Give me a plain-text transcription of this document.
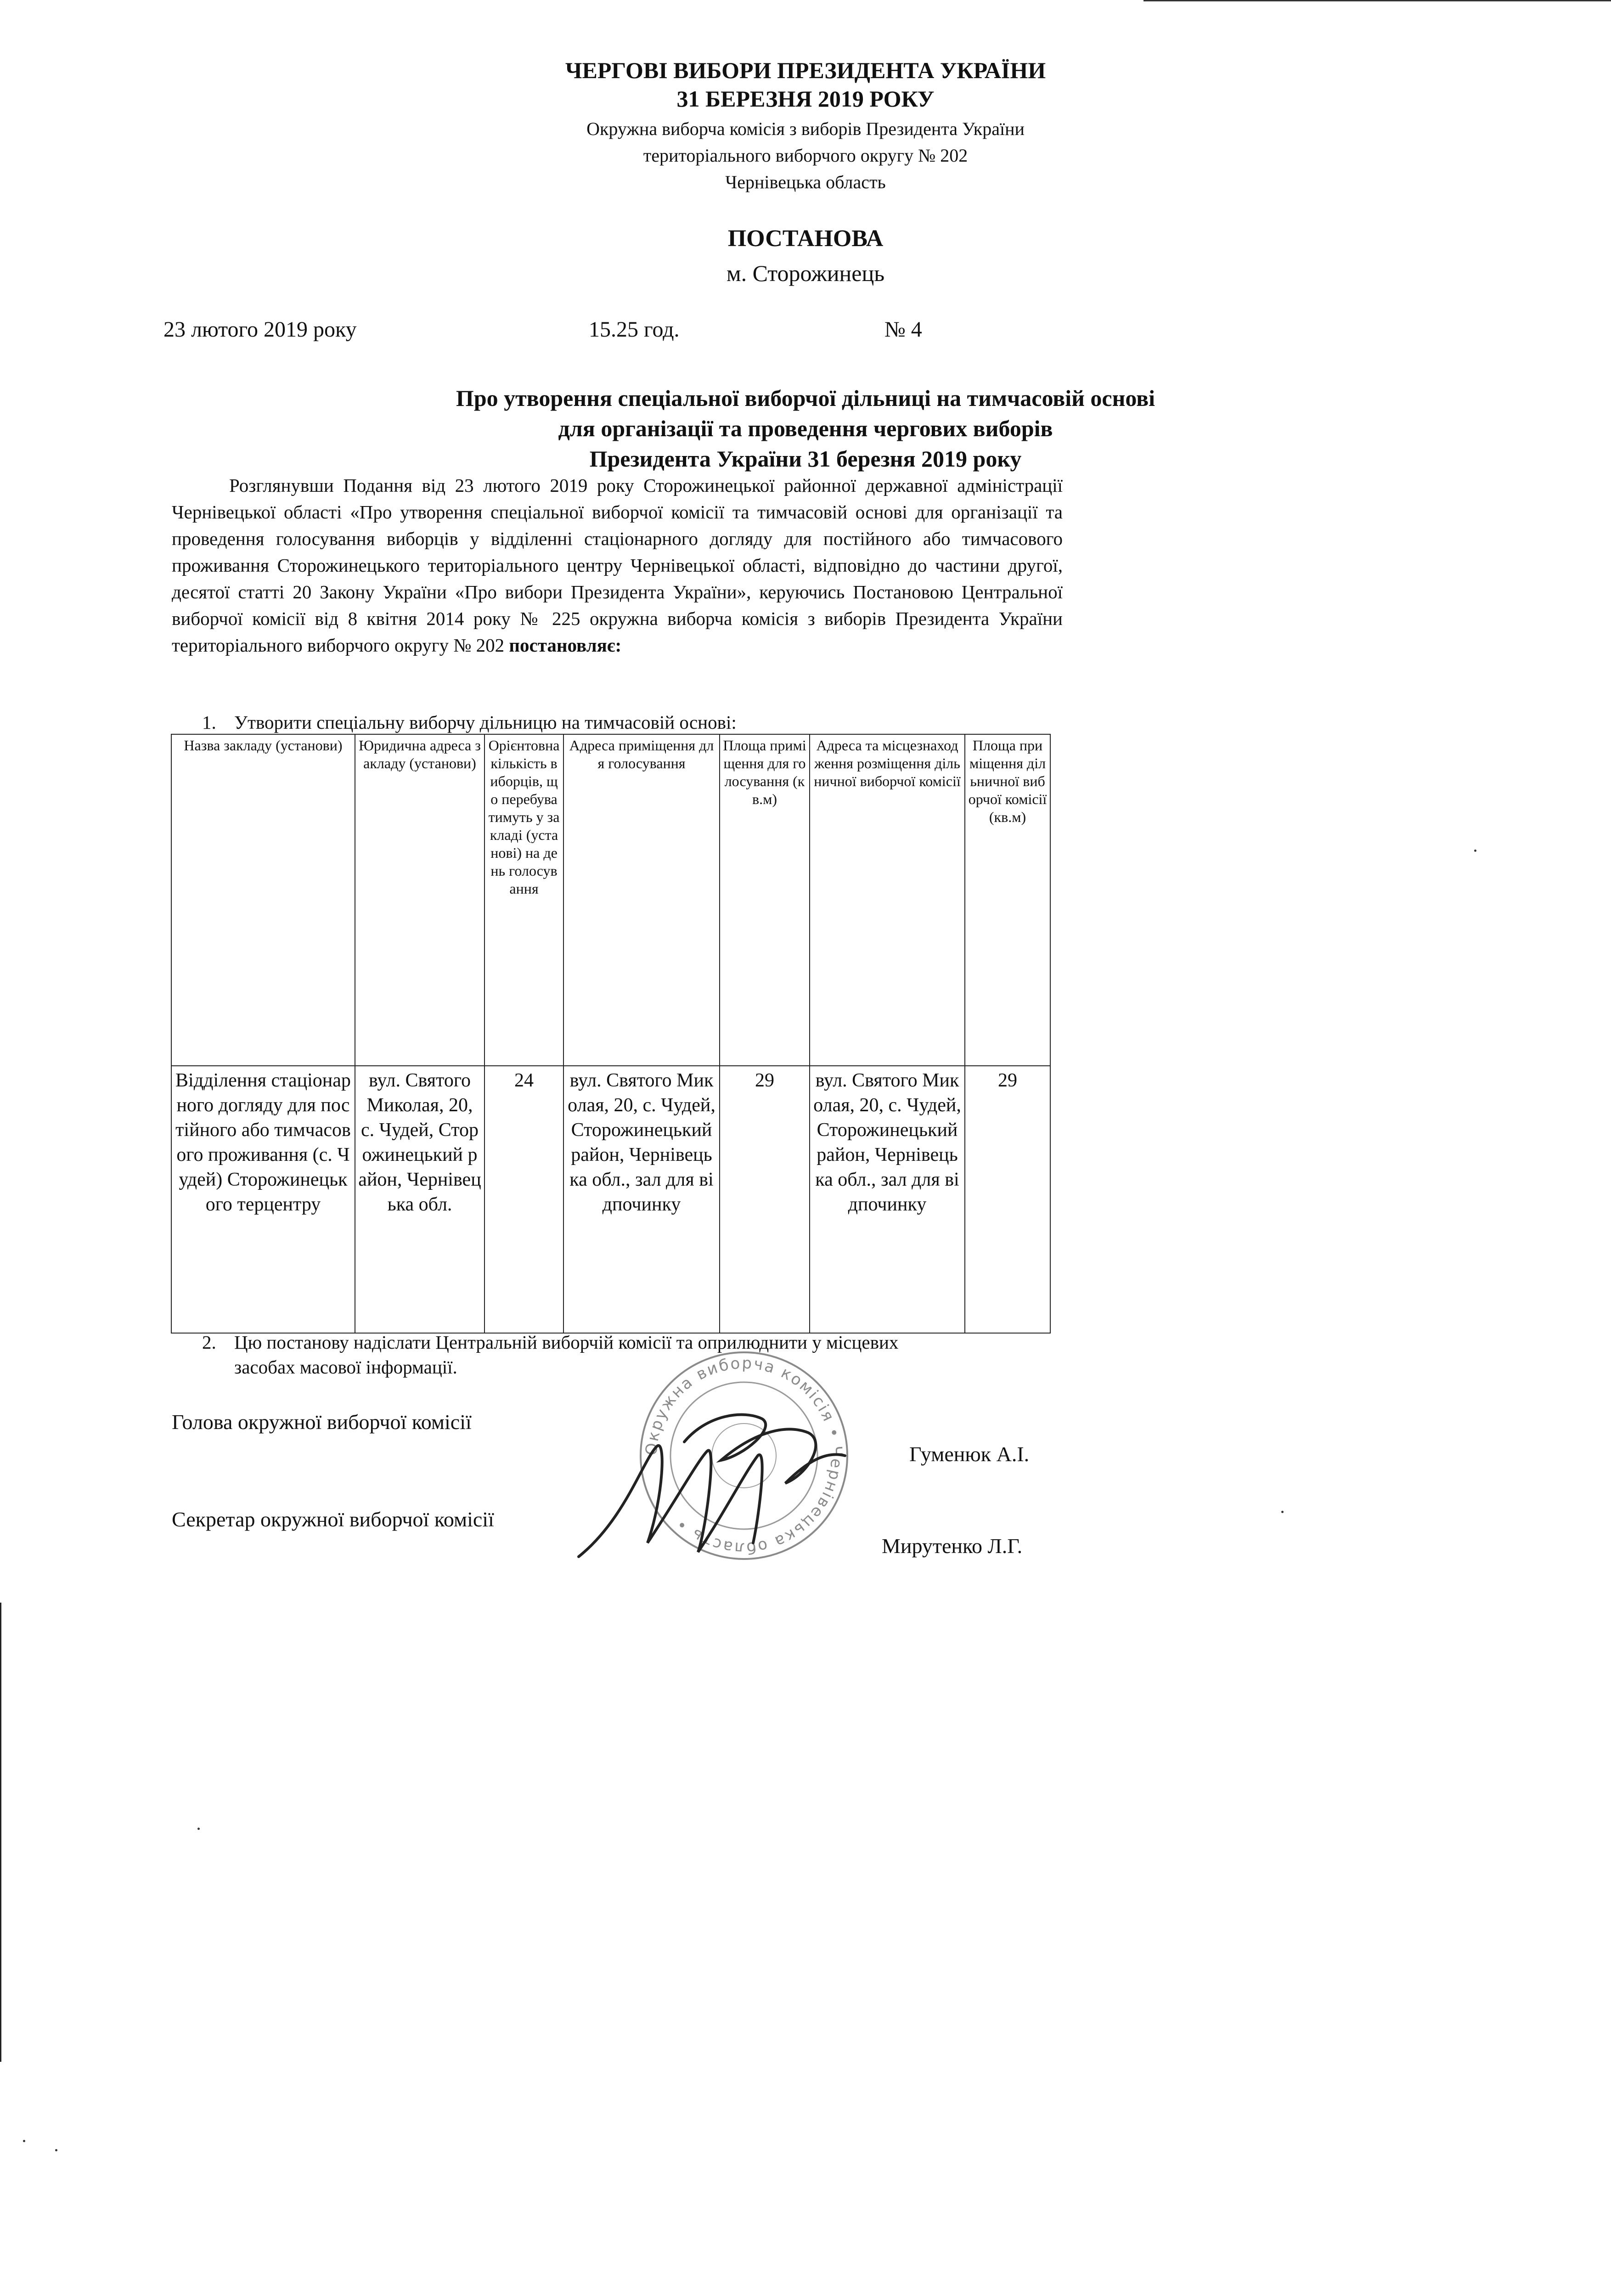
ЧЕРГОВІ ВИБОРИ ПРЕЗИДЕНТА УКРАЇНИ
31 БЕРЕЗНЯ 2019 РОКУ
Окружна виборча комісія з виборів Президента України
територіального виборчого округу № 202
Чернівецька область
ПОСТАНОВА
м. Сторожинець
23 лютого 2019 року	15.25 год.	№ 4
Про утворення спеціальної виборчої дільниці на тимчасовій основі
для організації та проведення чергових виборів
Президента України 31 березня 2019 року
Розглянувши Подання від 23 лютого 2019 року Сторожинецької районної державної адміністрації Чернівецької області «Про утворення спеціальної виборчої комісії та тимчасовій основі для організації та проведення голосування виборців у відділенні стаціонарного догляду для постійного або тимчасового проживання Сторожинецького територіального центру Чернівецької області, відповідно до частини другої, десятої статті 20 Закону України «Про вибори Президента України», керуючись Постановою Центральної виборчої комісії від 8 квітня 2014 року № 225 окружна виборча комісія з виборів Президента України територіального виборчого округу № 202 постановляє:
1. Утворити спеціальну виборчу дільницю на тимчасовій основі:
Назва закладу (установи)	Юридична адреса закладу (установи)	Орієнтовна кількість виборців, що перебуватимуть у закладі (установі) на день голосування	Адреса приміщення для голосування	Площа приміщення для голосування (кв.м)	Адреса та місцезнаходження розміщення дільничної виборчої комісії	Площа приміщення дільничної виборчої комісії (кв.м)
Відділення стаціонарного догляду для постійного або тимчасового проживання (с. Чудей) Сторожинецького терцентру	вул. Святого Миколая, 20, с. Чудей, Сторожинецький район, Чернівецька обл.	24	вул. Святого Миколая, 20, с. Чудей, Сторожинецький район, Чернівецька обл., зал для відпочинку	29	вул. Святого Миколая, 20, с. Чудей, Сторожинецький район, Чернівецька обл., зал для відпочинку	29
2. Цю постанову надіслати Центральній виборчій комісії та оприлюднити у місцевих
засобах масової інформації.
Окружна виборча комісія • Чернівецька область •
Голова окружної виборчої комісії
Гуменюк А.І.
Секретар окружної виборчої комісії
Мирутенко Л.Г.
